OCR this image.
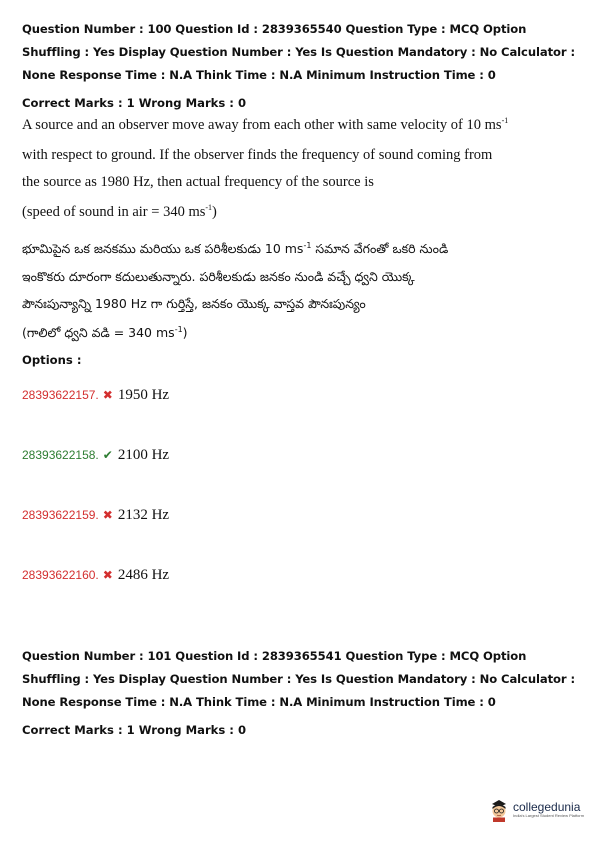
Question Number : 100 Question Id : 2839365540 Question Type : MCQ Option Shuffling : Yes Display Question Number : Yes Is Question Mandatory : No Calculator : None Response Time : N.A Think Time : N.A Minimum Instruction Time : 0
Correct Marks : 1 Wrong Marks : 0
A source and an observer move away from each other with same velocity of 10 $ms^{-1}$
with respect to ground. If the observer finds the frequency of sound coming from
the source as 1980 Hz, then actual frequency of the source is
(speed of sound in air = 340 $ms^{-1}$)
భూమిపైన ఒక జనకము మరియు ఒక పరిశీలకుడు 10 $ms^{-1}$ సమాన వేగంతో ఒకరి నుండి
ఇంకొకరు దూరంగా కదులుతున్నారు. పరిశీలకుడు జనకం నుండి వచ్చే ధ్వని యొక్క
పౌనఃపున్యాన్ని 1980 Hz గా గుర్తిస్తే, జనకం యొక్క వాస్తవ పౌనఃపున్యం
(గాలిలో ధ్వని వడి = 340 $ms^{-1}$)
Options :
28393622157. ✖ 1950 Hz
28393622158. ✔ 2100 Hz
28393622159. ✖ 2132 Hz
28393622160. ✖ 2486 Hz
Question Number : 101 Question Id : 2839365541 Question Type : MCQ Option Shuffling : Yes Display Question Number : Yes Is Question Mandatory : No Calculator : None Response Time : N.A Think Time : N.A Minimum Instruction Time : 0
Correct Marks : 1 Wrong Marks : 0
collegedunia
India's Largest Student Review Platform
